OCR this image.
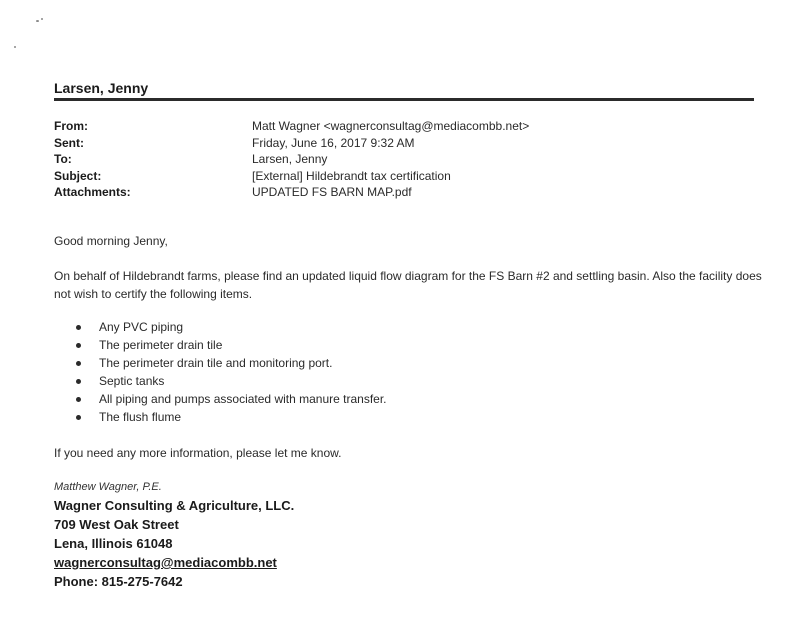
Larsen, Jenny
From:	Matt Wagner <wagnerconsultag@mediacombb.net>
Sent:	Friday, June 16, 2017 9:32 AM
To:	Larsen, Jenny
Subject:	[External] Hildebrandt tax certification
Attachments:	UPDATED FS BARN MAP.pdf
Good morning Jenny,
On behalf of Hildebrandt farms, please find an updated liquid flow diagram for the FS Barn #2 and settling basin. Also the facility does not wish to certify the following items.
Any PVC piping
The perimeter drain tile
The perimeter drain tile and monitoring port.
Septic tanks
All piping and pumps associated with manure transfer.
The flush flume
If you need any more information, please let me know.
Matthew Wagner, P.E.
Wagner Consulting & Agriculture, LLC.
709 West Oak Street
Lena, Illinois 61048
wagnerconsultag@mediacombb.net
Phone: 815-275-7642
